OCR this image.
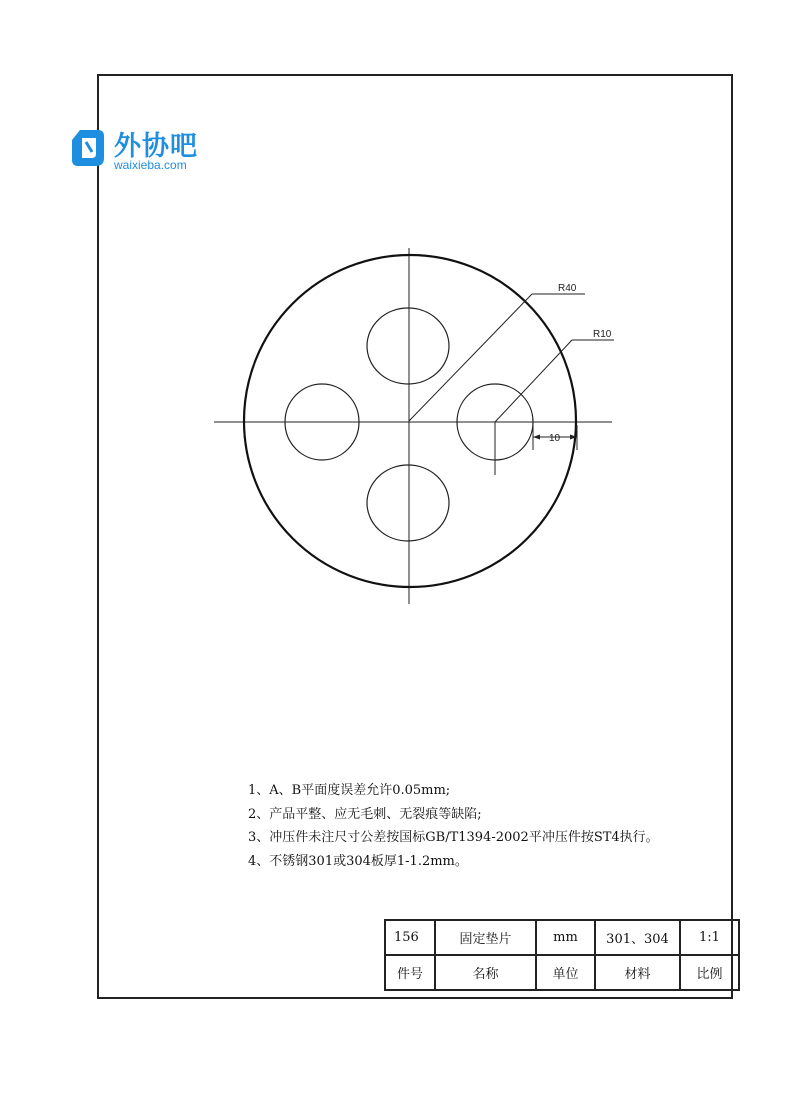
外协吧
waixieba.com
R40
R10
10
1、A、B平面度误差允许0.05mm;
2、产品平整、应无毛刺、无裂痕等缺陷;
3、冲压件未注尺寸公差按国标GB/T1394-2002平冲压件按ST4执行。
4、不锈钢301或304板厚1-1.2mm。
156	固定垫片	mm	301、304	1:1
件号	名称	单位	材料	比例
